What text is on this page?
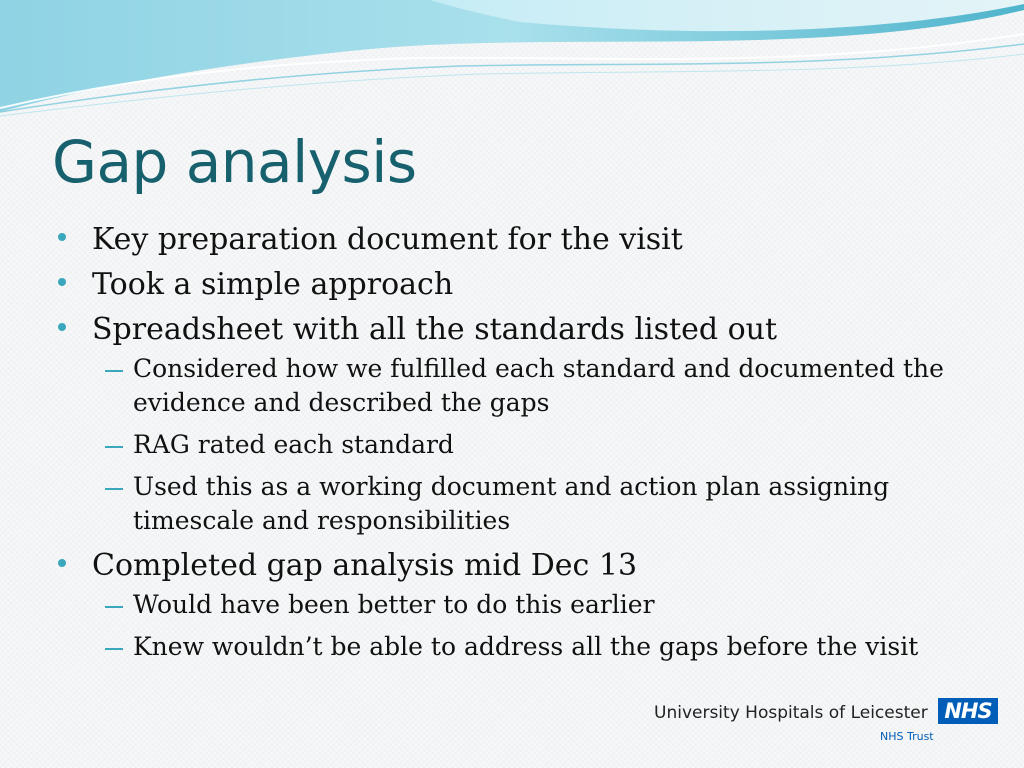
Gap analysis
Key preparation document for the visit
Took a simple approach
Spreadsheet with all the standards listed out
Considered how we fulfilled each standard and documented the evidence and described the gaps
RAG rated each standard
Used this as a working document and action plan assigning timescale and responsibilities
Completed gap analysis mid Dec 13
Would have been better to do this earlier
Knew wouldn’t be able to address all the gaps before the visit
University Hospitals of Leicester NHS
NHS Trust
